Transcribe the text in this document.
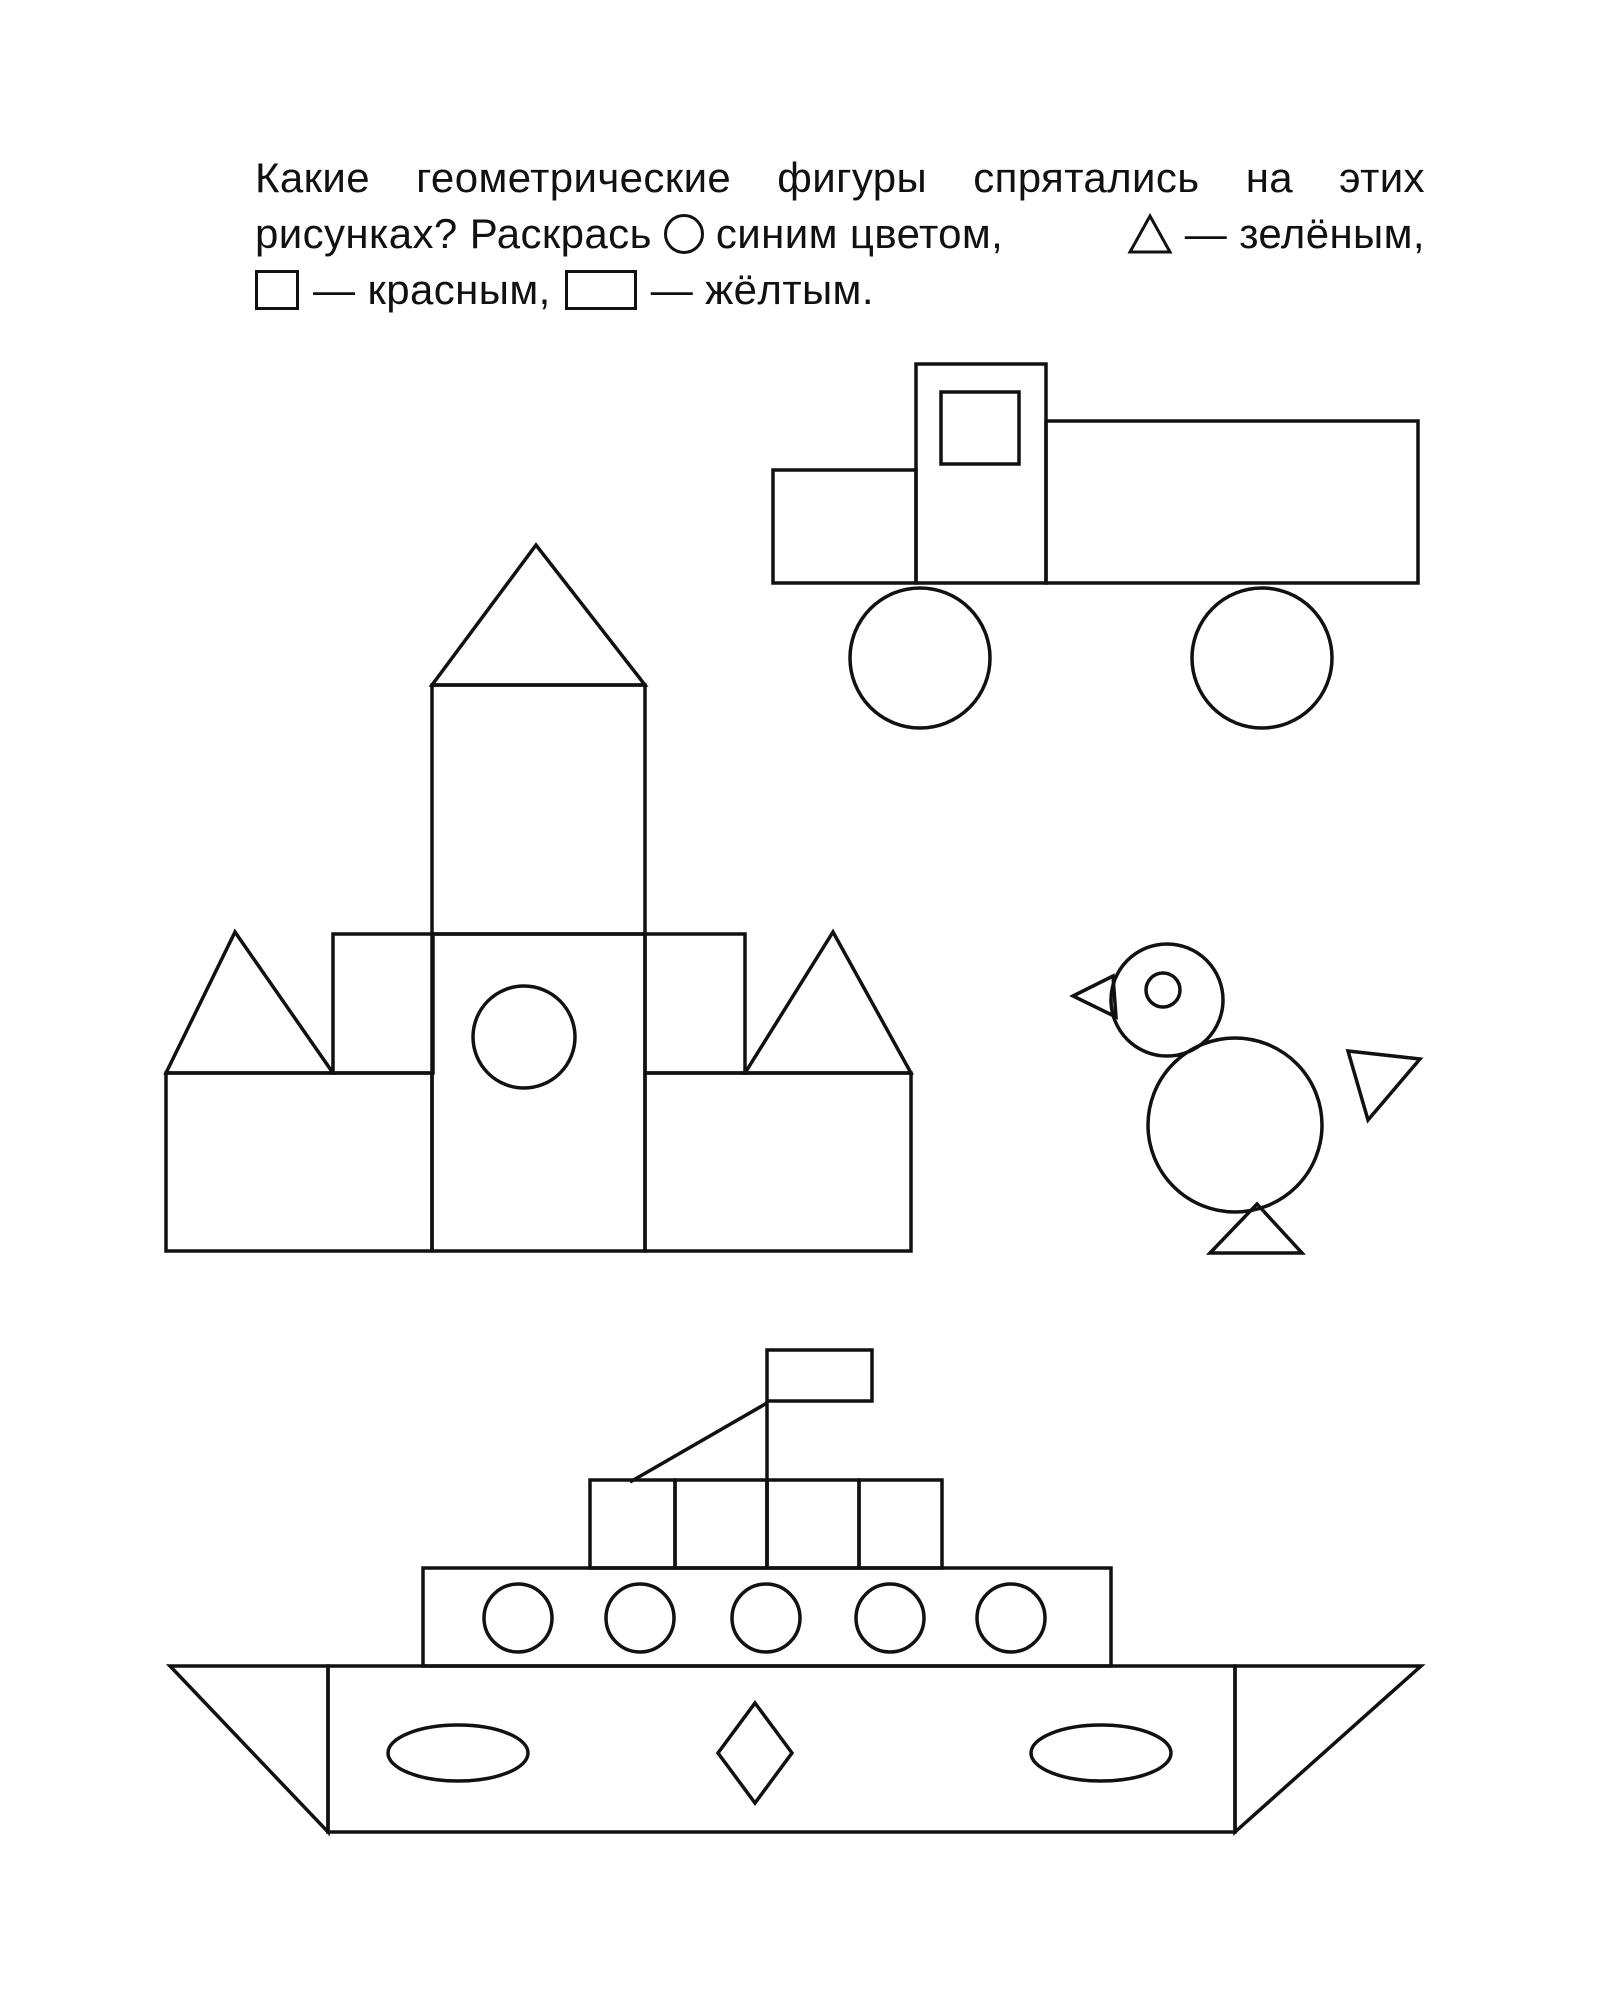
Какие геометрические фигуры спрятались на этих
рисунках? Раскрась синим цветом,	— зелёным,
— красным, — жёлтым.
